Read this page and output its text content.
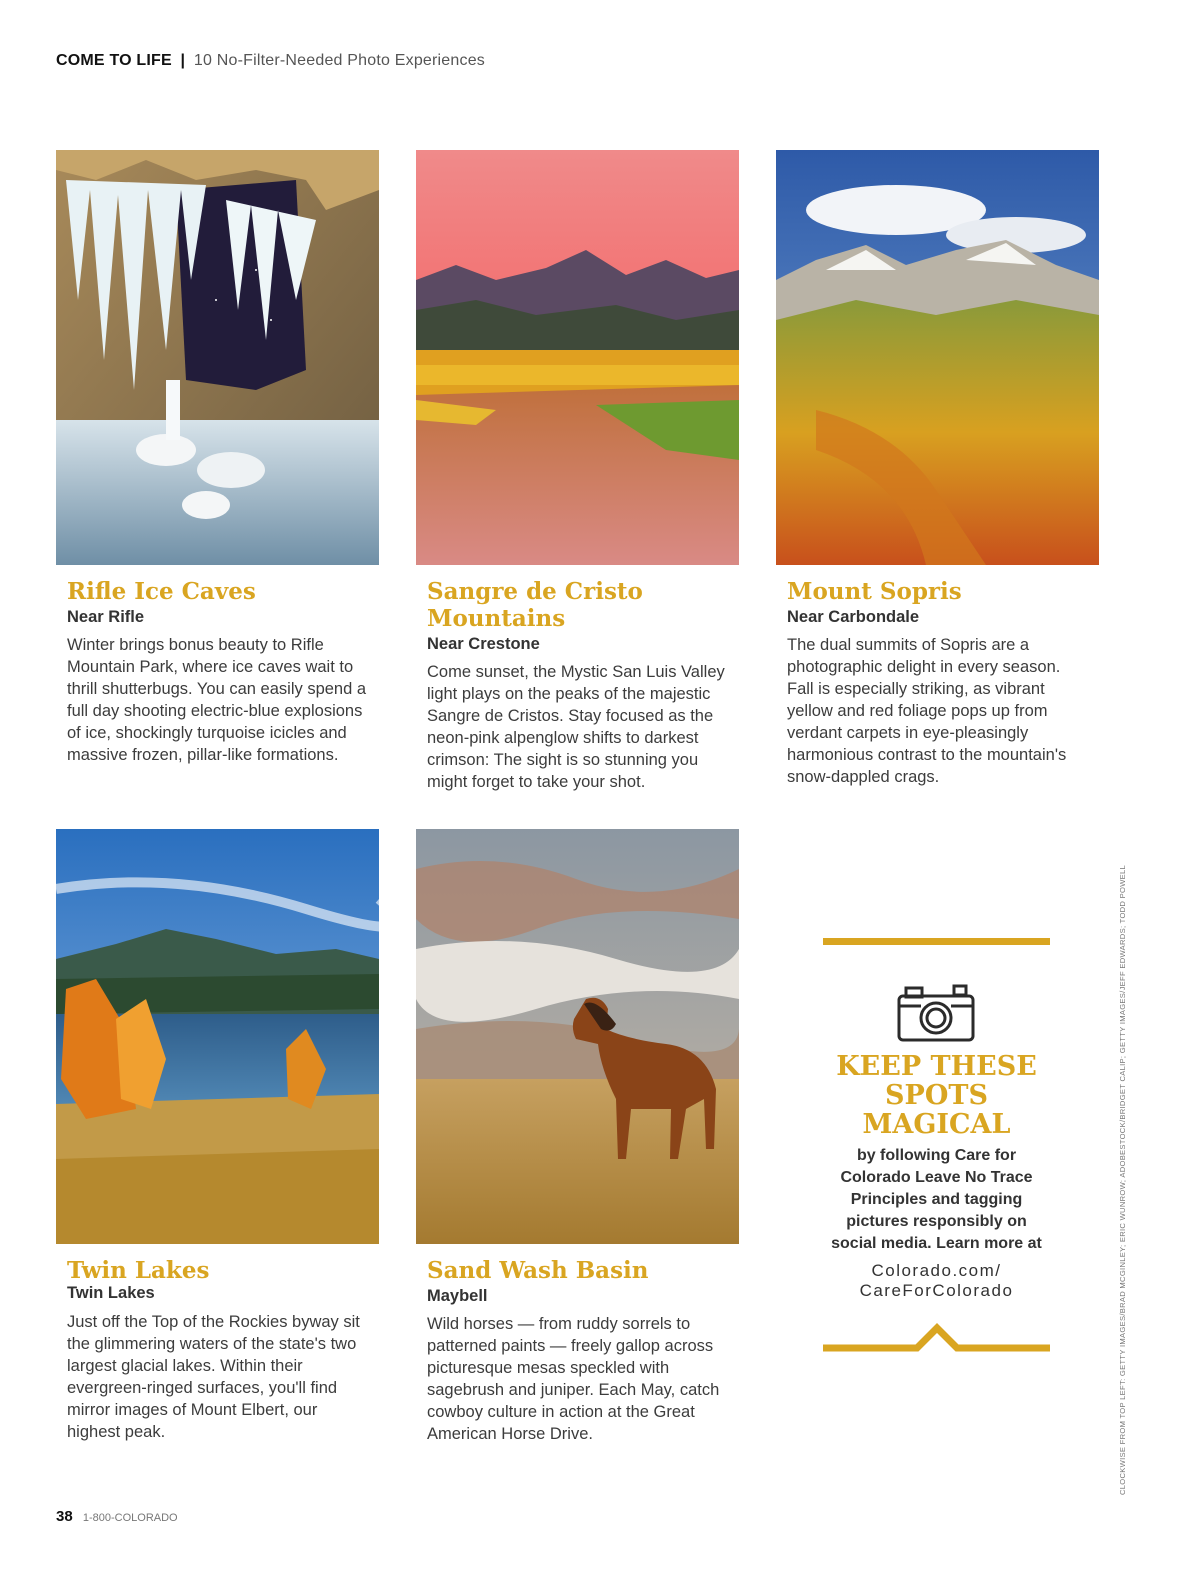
COME TO LIFE | 10 No-Filter-Needed Photo Experiences
Rifle Ice Caves
Near Rifle
Winter brings bonus beauty to Rifle Mountain Park, where ice caves wait to thrill shutterbugs. You can easily spend a full day shooting electric-blue explosions of ice, shockingly turquoise icicles and massive frozen, pillar-like formations.
Sangre de Cristo Mountains
Near Crestone
Come sunset, the Mystic San Luis Valley light plays on the peaks of the majestic Sangre de Cristos. Stay focused as the neon-pink alpenglow shifts to darkest crimson: The sight is so stunning you might forget to take your shot.
Mount Sopris
Near Carbondale
The dual summits of Sopris are a photographic delight in every season. Fall is especially striking, as vibrant yellow and red foliage pops up from verdant carpets in eye-pleasingly harmonious contrast to the mountain's snow-dappled crags.
Twin Lakes
Twin Lakes
Just off the Top of the Rockies byway sit the glimmering waters of the state's two largest glacial lakes. Within their evergreen-ringed surfaces, you'll find mirror images of Mount Elbert, our highest peak.
Sand Wash Basin
Maybell
Wild horses — from ruddy sorrels to patterned paints — freely gallop across picturesque mesas speckled with sagebrush and juniper. Each May, catch cowboy culture in action at the Great American Horse Drive.
KEEP THESE SPOTS MAGICAL
by following Care for Colorado Leave No Trace Principles and tagging pictures responsibly on social media. Learn more at
Colorado.com/ CareForColorado	CLOCKWISE FROM TOP LEFT: GETTY IMAGES/BRAD MCGINLEY; ERIC WUNROW; ADOBESTOCK/BRIDGET CALIP; GETTY IMAGES/JEFF EDWARDS; TODD POWELL
38 1-800-COLORADO
